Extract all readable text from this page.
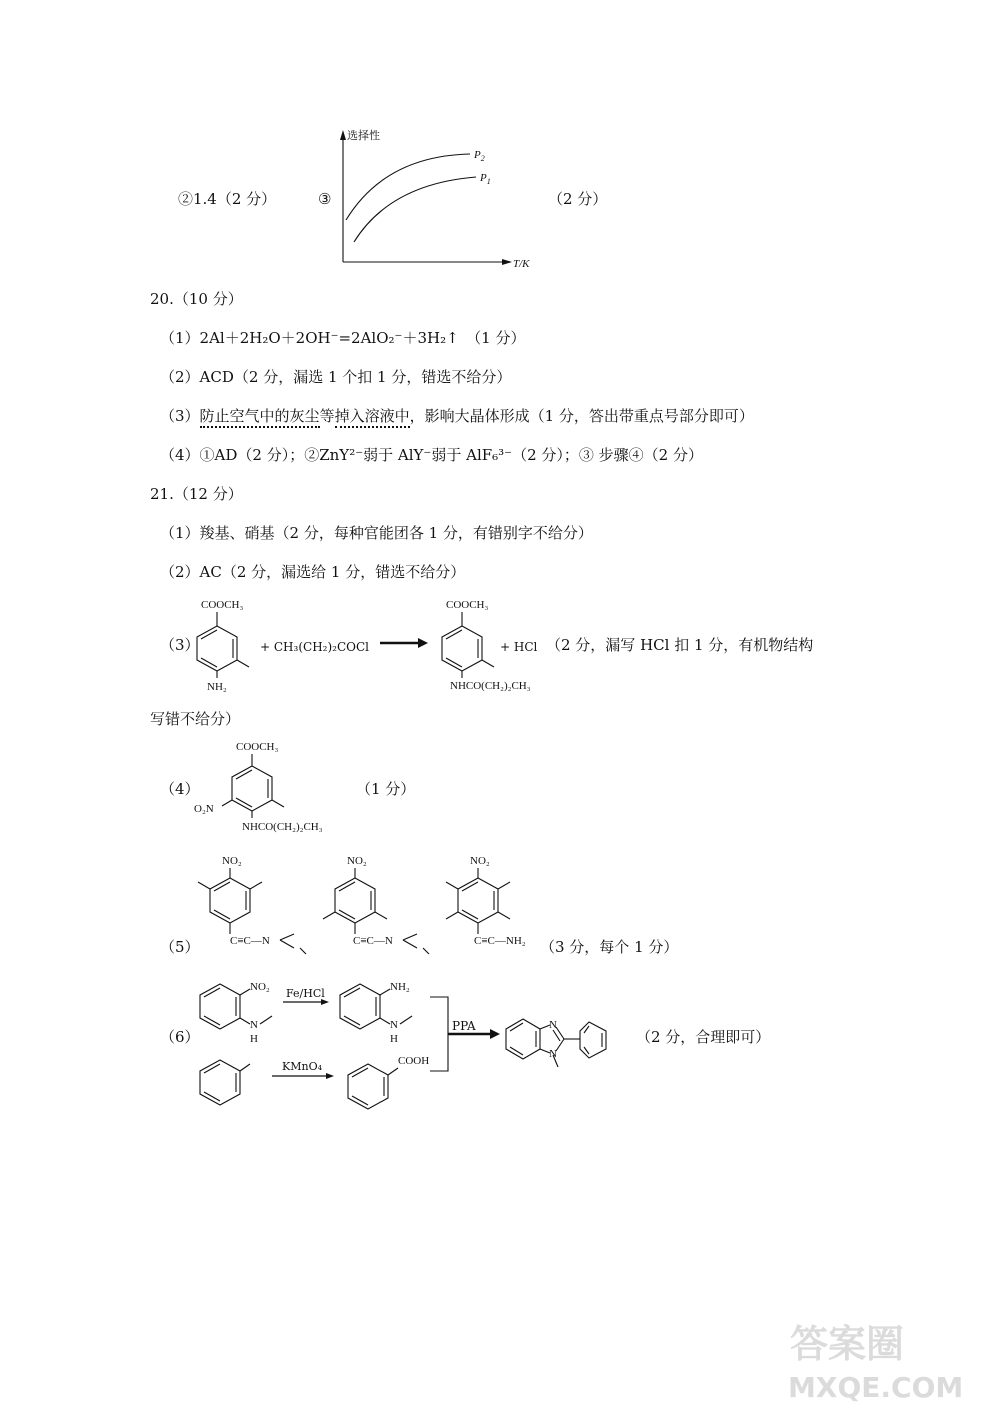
②1.4（2 分）	③	（2 分）
选择性
T/K
$P_2$
$P_1$
20.（10 分）
（1）2Al＋2H₂O＋2OH⁻=2AlO₂⁻＋3H₂↑　（1 分）
（2）ACD（2 分，漏选 1 个扣 1 分，错选不给分）
（3）防止空气中的灰尘等掉入溶液中，影响大晶体形成（1 分，答出带重点号部分即可）
（4）①AD（2 分）；②ZnY²⁻弱于 AlY⁻弱于 AlF₆³⁻（2 分）；③ 步骤④（2 分）
21.（12 分）
（1）羧基、硝基（2 分，每种官能团各 1 分，有错别字不给分）
（2）AC（2 分，漏选给 1 分，错选不给分）
（3）
COOCH₃
NH₂
+ CH₃(CH₂)₂COCl →
COOCH₃
NHCO(CH₂)₂CH₃
+ HCl （2 分，漏写 HCl 扣 1 分，有机物结构
写错不给分）
（4）
COOCH₃
O₂N
NHCO(CH₂)₂CH₃
（1 分）
（5）
NO₂
C≡C—N
NO₂
C≡C—N
NO₂
C≡C—NH₂ （3 分，每个 1 分）
（6）
NO₂
N
H
Fe/HCl	NH₂
N
H
KMnO₄	COOH
PPA	N
N
（2 分，合理即可）
答案圈
MXQE.COM
